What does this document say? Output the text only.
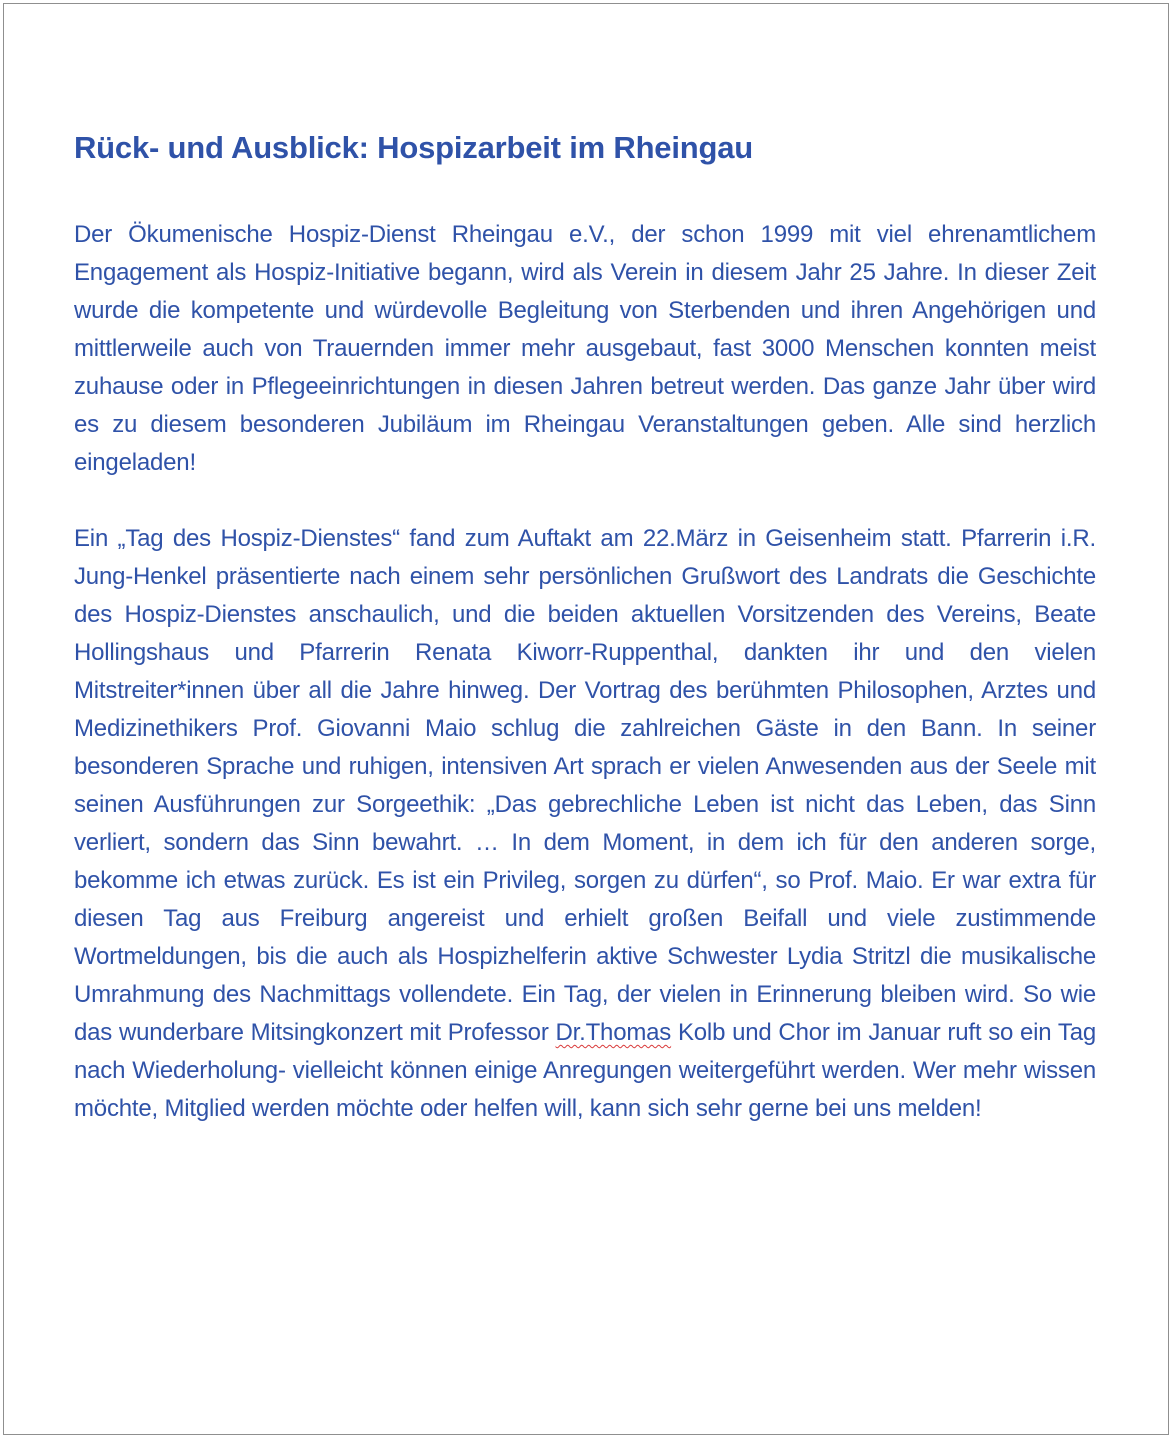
Rück- und Ausblick: Hospizarbeit im Rheingau

Der Ökumenische Hospiz-Dienst Rheingau e.V., der schon 1999 mit viel ehrenamtlichem Engagement als Hospiz-Initiative begann, wird als Verein in diesem Jahr 25 Jahre. In dieser Zeit wurde die kompetente und würdevolle Begleitung von Sterbenden und ihren Angehörigen und mittlerweile auch von Trauernden immer mehr ausgebaut, fast 3000 Menschen konnten meist zuhause oder in Pflegeeinrichtungen in diesen Jahren betreut werden. Das ganze Jahr über wird es zu diesem besonderen Jubiläum im Rheingau Veranstaltungen geben. Alle sind herzlich eingeladen!

Ein „Tag des Hospiz-Dienstes“ fand zum Auftakt am 22.März in Geisenheim statt. Pfarrerin i.R. Jung-Henkel präsentierte nach einem sehr persönlichen Grußwort des Landrats die Geschichte des Hospiz-Dienstes anschaulich, und die beiden aktuellen Vorsitzenden des Vereins, Beate Hollingshaus und Pfarrerin Renata Kiworr-Ruppenthal, dankten ihr und den vielen Mitstreiter*innen über all die Jahre hinweg. Der Vortrag des berühmten Philosophen, Arztes und Medizinethikers Prof. Giovanni Maio schlug die zahlreichen Gäste in den Bann. In seiner besonderen Sprache und ruhigen, intensiven Art sprach er vielen Anwesenden aus der Seele mit seinen Ausführungen zur Sorgeethik: „Das gebrechliche Leben ist nicht das Leben, das Sinn verliert, sondern das Sinn bewahrt. … In dem Moment, in dem ich für den anderen sorge, bekomme ich etwas zurück. Es ist ein Privileg, sorgen zu dürfen“, so Prof. Maio. Er war extra für diesen Tag aus Freiburg angereist und erhielt großen Beifall und viele zustimmende Wortmeldungen, bis die auch als Hospizhelferin aktive Schwester Lydia Stritzl die musikalische Umrahmung des Nachmittags vollendete. Ein Tag, der vielen in Erinnerung bleiben wird. So wie das wunderbare Mitsingkonzert mit Professor Dr.Thomas Kolb und Chor im Januar ruft so ein Tag nach Wiederholung- vielleicht können einige Anregungen weitergeführt werden. Wer mehr wissen möchte, Mitglied werden möchte oder helfen will, kann sich sehr gerne bei uns melden!
